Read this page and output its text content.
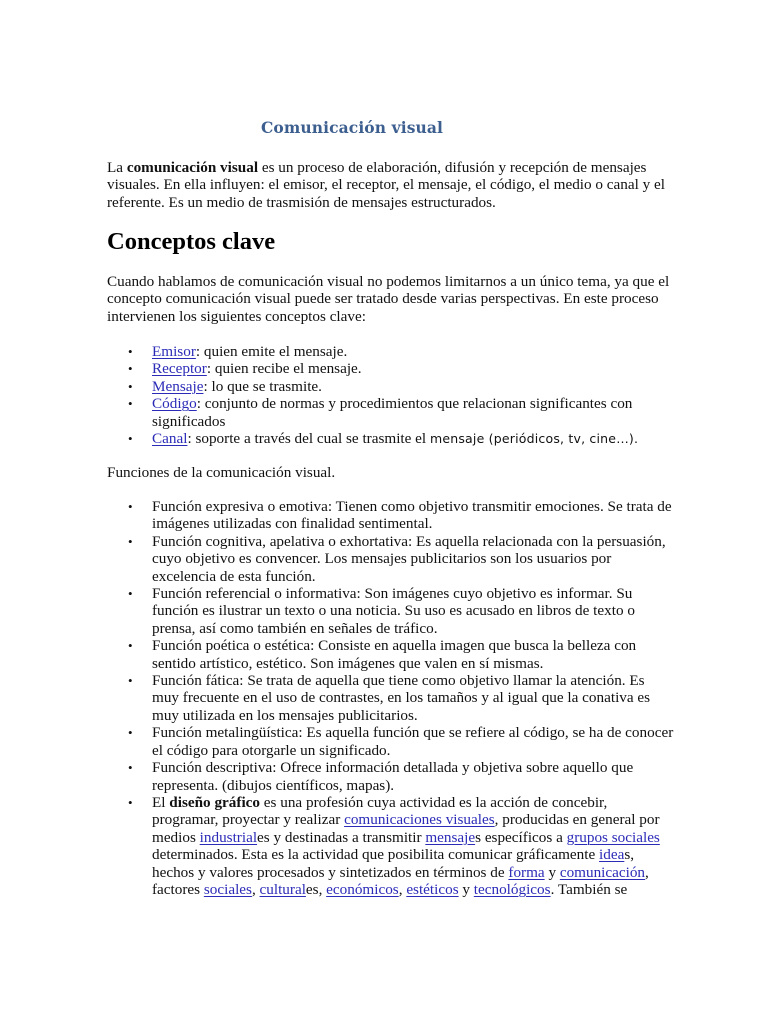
Comunicación visual

La comunicación visual es un proceso de elaboración, difusión y recepción de mensajes visuales. En ella influyen: el emisor, el receptor, el mensaje, el código, el medio o canal y el referente. Es un medio de trasmisión de mensajes estructurados.

Conceptos clave

Cuando hablamos de comunicación visual no podemos limitarnos a un único tema, ya que el concepto comunicación visual puede ser tratado desde varias perspectivas. En este proceso intervienen los siguientes conceptos clave:

• Emisor: quien emite el mensaje.
• Receptor: quien recibe el mensaje.
• Mensaje: lo que se trasmite.
• Código: conjunto de normas y procedimientos que relacionan significantes con significados
• Canal: soporte a través del cual se trasmite el mensaje (periódicos, tv, cine…).

Funciones de la comunicación visual.

• Función expresiva o emotiva: Tienen como objetivo transmitir emociones. Se trata de imágenes utilizadas con finalidad sentimental.
• Función cognitiva, apelativa o exhortativa: Es aquella relacionada con la persuasión, cuyo objetivo es convencer. Los mensajes publicitarios son los usuarios por excelencia de esta función.
• Función referencial o informativa: Son imágenes cuyo objetivo es informar. Su función es ilustrar un texto o una noticia. Su uso es acusado en libros de texto o prensa, así como también en señales de tráfico.
• Función poética o estética: Consiste en aquella imagen que busca la belleza con sentido artístico, estético. Son imágenes que valen en sí mismas.
• Función fática: Se trata de aquella que tiene como objetivo llamar la atención. Es muy frecuente en el uso de contrastes, en los tamaños y al igual que la conativa es muy utilizada en los mensajes publicitarios.
• Función metalingüística: Es aquella función que se refiere al código, se ha de conocer el código para otorgarle un significado.
• Función descriptiva: Ofrece información detallada y objetiva sobre aquello que representa. (dibujos científicos, mapas).
• El diseño gráfico es una profesión cuya actividad es la acción de concebir, programar, proyectar y realizar comunicaciones visuales, producidas en general por medios industriales y destinadas a transmitir mensajes específicos a grupos sociales determinados. Esta es la actividad que posibilita comunicar gráficamente ideas, hechos y valores procesados y sintetizados en términos de forma y comunicación, factores sociales, culturales, económicos, estéticos y tecnológicos. También se
